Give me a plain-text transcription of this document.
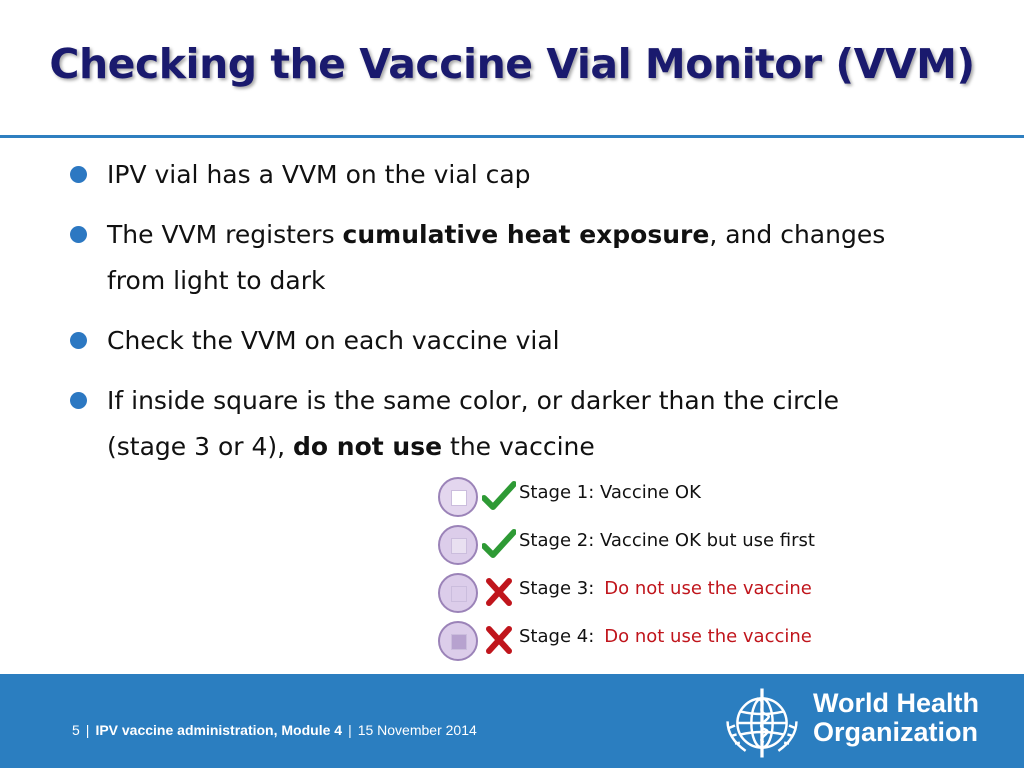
Checking the Vaccine Vial Monitor (VVM)
IPV vial has a VVM on the vial cap
The VVM registers cumulative heat exposure, and changes from light to dark
Check the VVM on each vaccine vial
If inside square is the same color, or darker than the circle (stage 3 or 4), do not use the vaccine
Stage 1: Vaccine OK
Stage 2: Vaccine OK but use first
Stage 3: Do not use the vaccine
Stage 4: Do not use the vaccine
5 | IPV vaccine administration, Module 4 | 15 November 2014
World Health
Organization
